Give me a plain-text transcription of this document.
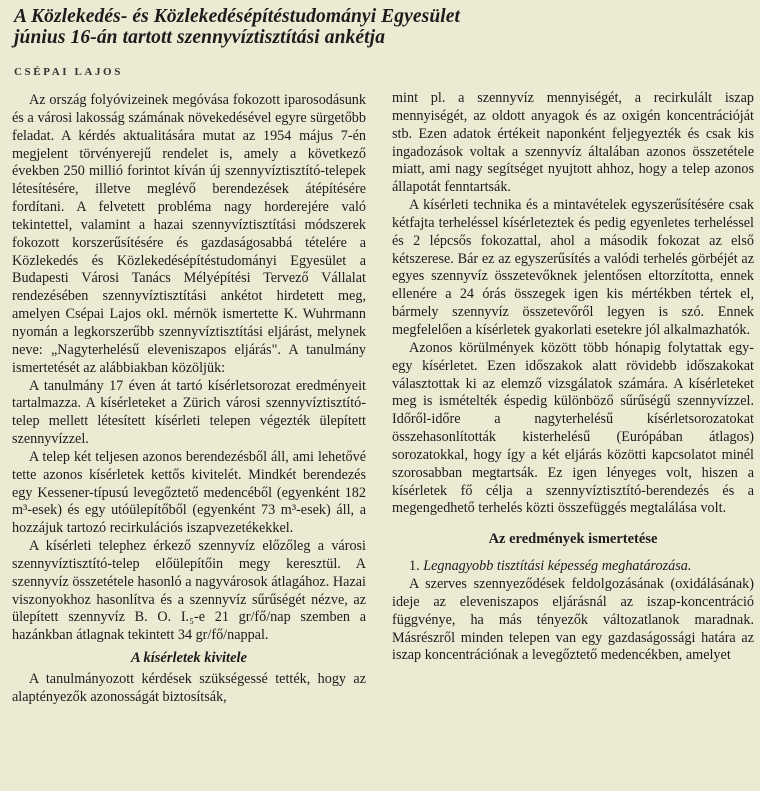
A Közlekedés- és Közlekedésépítéstudományi Egyesület
június 16-án tartott szennyvíztisztítási ankétja
CSÉPAI LAJOS

Az ország folyóvizeinek megóvása fokozott iparosodásunk és a városi lakosság számának növekedésével egyre sürgetőbb feladat. A kérdés aktualitására mutat az 1954 május 7-én megjelent törvényerejű rendelet is, amely a következő években 250 millió forintot kíván új szennyvíztisztító-telepek létesítésére, illetve meglévő berendezések átépítésére fordítani. A felvetett probléma nagy horderejére való tekintettel, valamint a hazai szennyvíztisztítási módszerek fokozott korszerűsítésére és gazdaságosabbá tételére a Közlekedés és Közlekedésépítéstudományi Egyesület a Budapesti Városi Tanács Mélyépítési Tervező Vállalat rendezésében szennyvíztisztítási ankétot hirdetett meg, amelyen Csépai Lajos okl. mérnök ismertette K. Wuhrmann nyomán a legkorszerűbb szennyvíztisztítási eljárást, melynek neve: „Nagyterhelésű eleveniszapos eljárás". A tanulmány ismertetését az alábbiakban közöljük:

A tanulmány 17 éven át tartó kísérletsorozat eredményeit tartalmazza. A kísérleteket a Zürich városi szennyvíztisztító-telep mellett létesített kísérleti telepen végezték ülepített szennyvízzel.

A telep két teljesen azonos berendezésből áll, ami lehetővé tette azonos kísérletek kettős kivitelét. Mindkét berendezés egy Kessener-típusú levegőztető medencéből (egyenként 182 m³-esek) és egy utóülepítőből (egyenként 73 m³-esek) áll, a hozzájuk tartozó recirkulációs iszapvezetékekkel.

A kísérleti telephez érkező szennyvíz előzőleg a városi szennyvíztisztító-telep előülepítőin megy keresztül. A szennyvíz összetétele hasonló a nagyvárosok átlagához. Hazai viszonyokhoz hasonlítva és a szennyvíz sűrűségét nézve, az ülepített szennyvíz B. O. I.₅-e 21 gr/fő/nap szemben a hazánkban átlagnak tekintett 34 gr/fő/nappal.

A kísérletek kivitele

A tanulmányozott kérdések szükségessé tették, hogy az alaptényezők azonosságát biztosítsák,

mint pl. a szennyvíz mennyiségét, a recirkulált iszap mennyiségét, az oldott anyagok és az oxigén koncentrációját stb. Ezen adatok értékeit naponként feljegyezték és csak kis ingadozások voltak a szennyvíz általában azonos összetétele miatt, ami nagy segítséget nyujtott ahhoz, hogy a telep azonos állapotát fenntartsák.

A kísérleti technika és a mintavételek egyszerűsítésére csak kétfajta terheléssel kísérleteztek és pedig egyenletes terheléssel és 2 lépcsős fokozattal, ahol a második fokozat az első kétszerese. Bár ez az egyszerűsítés a valódi terhelés görbéjét az egyes szennyvíz összetevőknek jelentősen eltorzította, ennek ellenére a 24 órás összegek igen kis mértékben tértek el, bármely szennyvíz összetevőről legyen is szó. Ennek megfelelően a kísérletek gyakorlati esetekre jól alkalmazhatók.

Azonos körülmények között több hónapig folytattak egy-egy kísérletet. Ezen időszakok alatt rövidebb időszakokat választottak ki az elemző vizsgálatok számára. A kísérleteket meg is ismételték éspedig különböző sűrűségű szennyvízzel. Időről-időre a nagyterhelésű kísérletsorozatokat összehasonlították kisterhelésű (Európában átlagos) sorozatokkal, hogy így a két eljárás közötti kapcsolatot minél szorosabban megtartsák. Ez igen lényeges volt, hiszen a kísérletek fő célja a szennyvíztisztító-berendezés és a megengedhető terhelés közti összefüggés megtalálása volt.

Az eredmények ismertetése

1. Legnagyobb tisztítási képesség meghatározása.

A szerves szennyeződések feldolgozásának (oxidálásának) ideje az eleveniszapos eljárásnál az iszap-koncentráció függvénye, ha más tényezők változatlanok maradnak. Másrészről minden telepen van egy gazdaságossági határa az iszap koncentrációnak a levegőztető medencékben, amelyet
